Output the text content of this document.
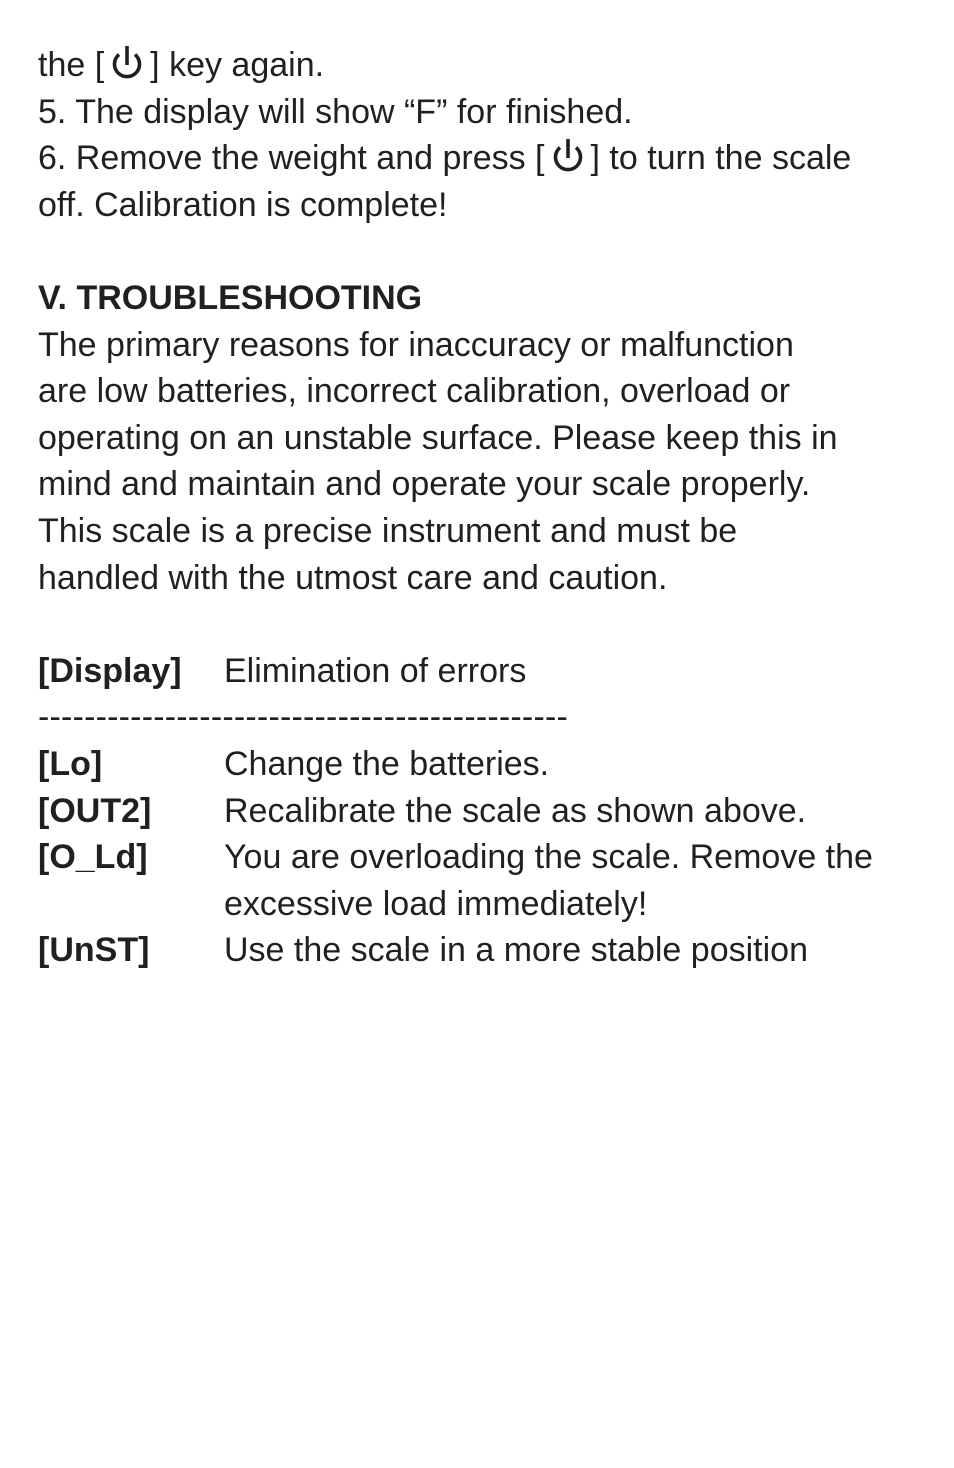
the [ ] key again.
5. The display will show “F” for finished.
6. Remove the weight and press [ ] to turn the scale
off. Calibration is complete!
V. TROUBLESHOOTING
The primary reasons for inaccuracy or malfunction
are low batteries, incorrect calibration, overload or
operating on an unstable surface. Please keep this in
mind and maintain and operate your scale properly.
This scale is a precise instrument and must be
handled with the utmost care and caution.
[Display]	Elimination of errors
----------------------------------------------
[Lo]	Change the batteries.
[OUT2]	Recalibrate the scale as shown above.
[O_Ld]	You are overloading the scale. Remove the
excessive load immediately!
[UnST]	Use the scale in a more stable position
